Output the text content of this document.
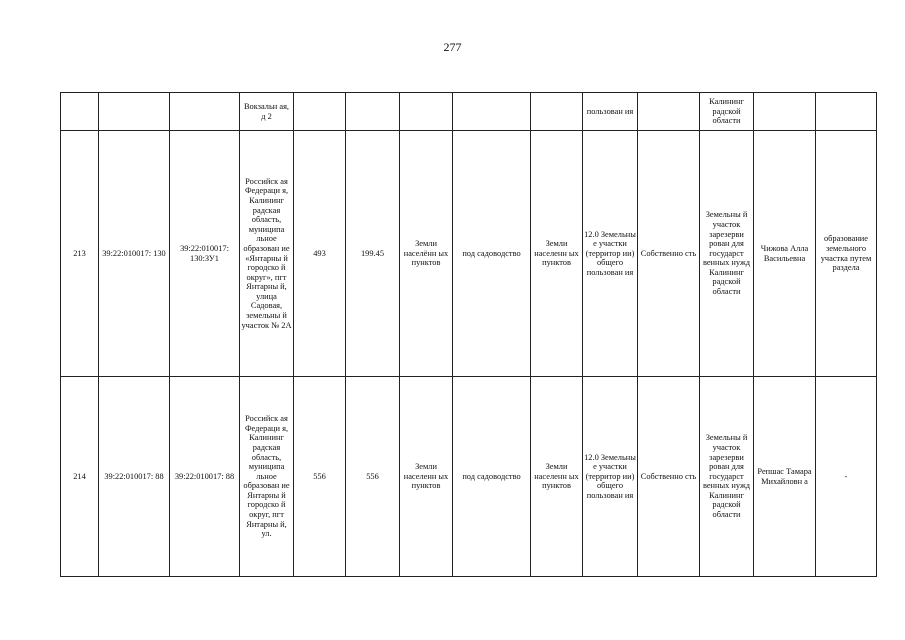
277
			Вокзальн ая, д 2						пользован ия		Калининг радской области		
213	39:22:010017: 130	39:22:010017: 130:ЗУ1	Российск ая Федераци я, Калининг радская область, муниципа льное образован ие «Янтарны й городско й округ», пгт Янтарны й, улица Садовая, земельны й участок № 2А	493	199.45	Земли населённ ых пунктов	под садоводство	Земли населенн ых пунктов	12.0 Земельны е участки (территор ии) общего пользован ия	Собственно сть	Земельны й участок зарезерви рован для государст венных нужд Калининг радской области	Чижова Алла Васильевна	образование земельного участка путем раздела
214	39:22:010017: 88	39:22:010017: 88	Российск ая Федераци я, Калининг радская область, муниципа льное образован ие Янтарны й городско й округ, пгт Янтарны й, ул.	556	556	Земли населенн ых пунктов	под садоводство	Земли населенн ых пунктов	12.0 Земельны е участки (территор ии) общего пользован ия	Собственно сть	Земельны й участок зарезерви рован для государст венных нужд Калининг радской области	Репшас Тамара Михайловн а	-
